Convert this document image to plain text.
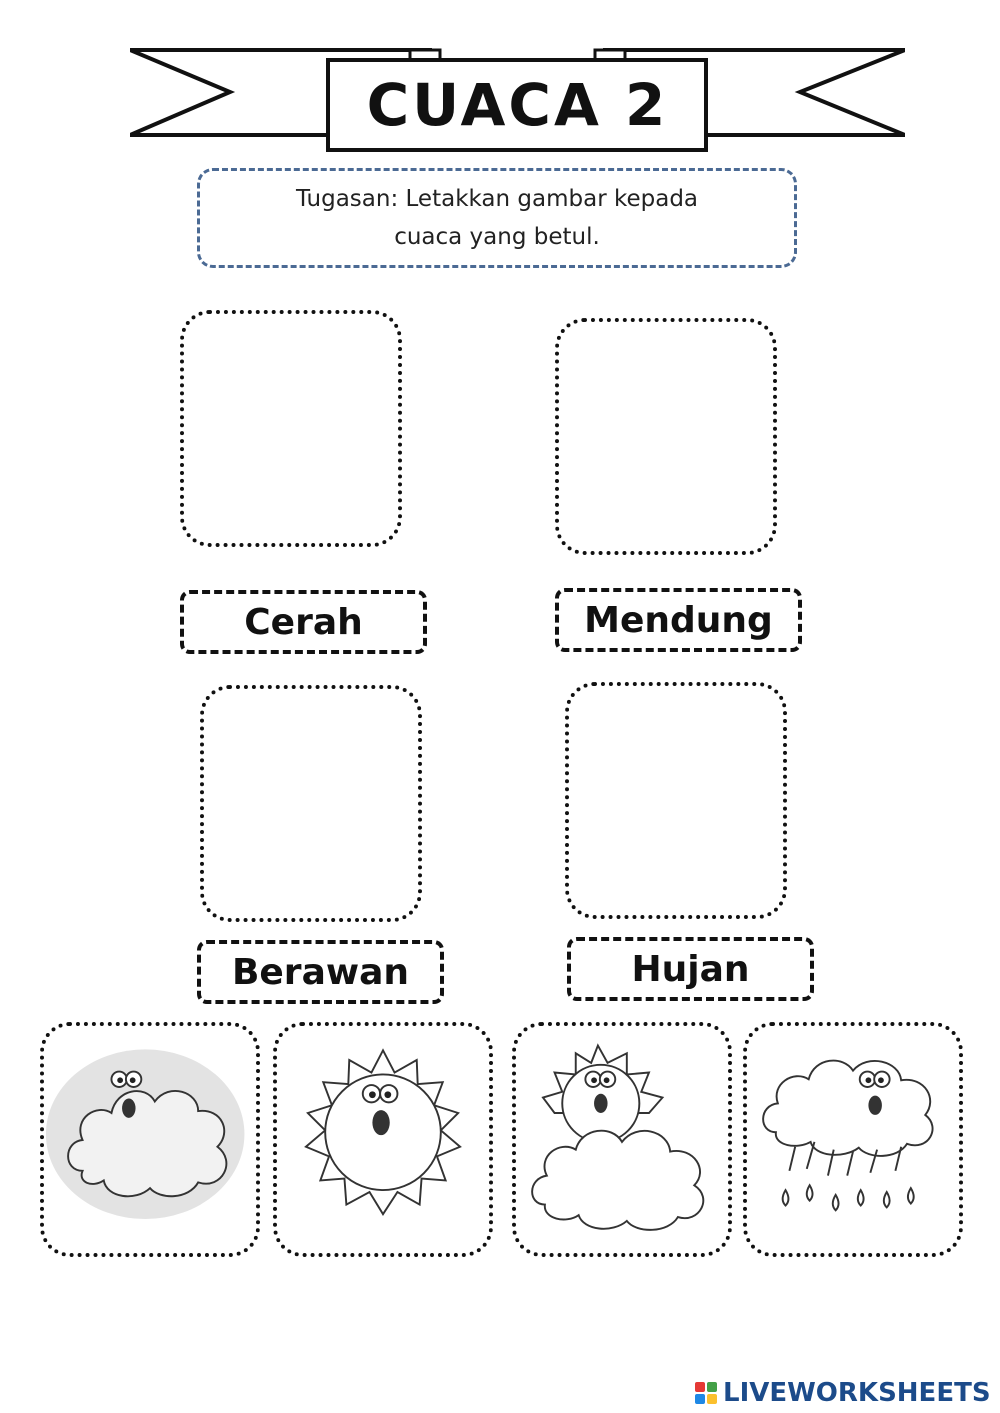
CUACA 2
Tugasan: Letakkan gambar kepada
cuaca yang betul.
Cerah	Mendung
Berawan	Hujan
LIVEWORKSHEETS
